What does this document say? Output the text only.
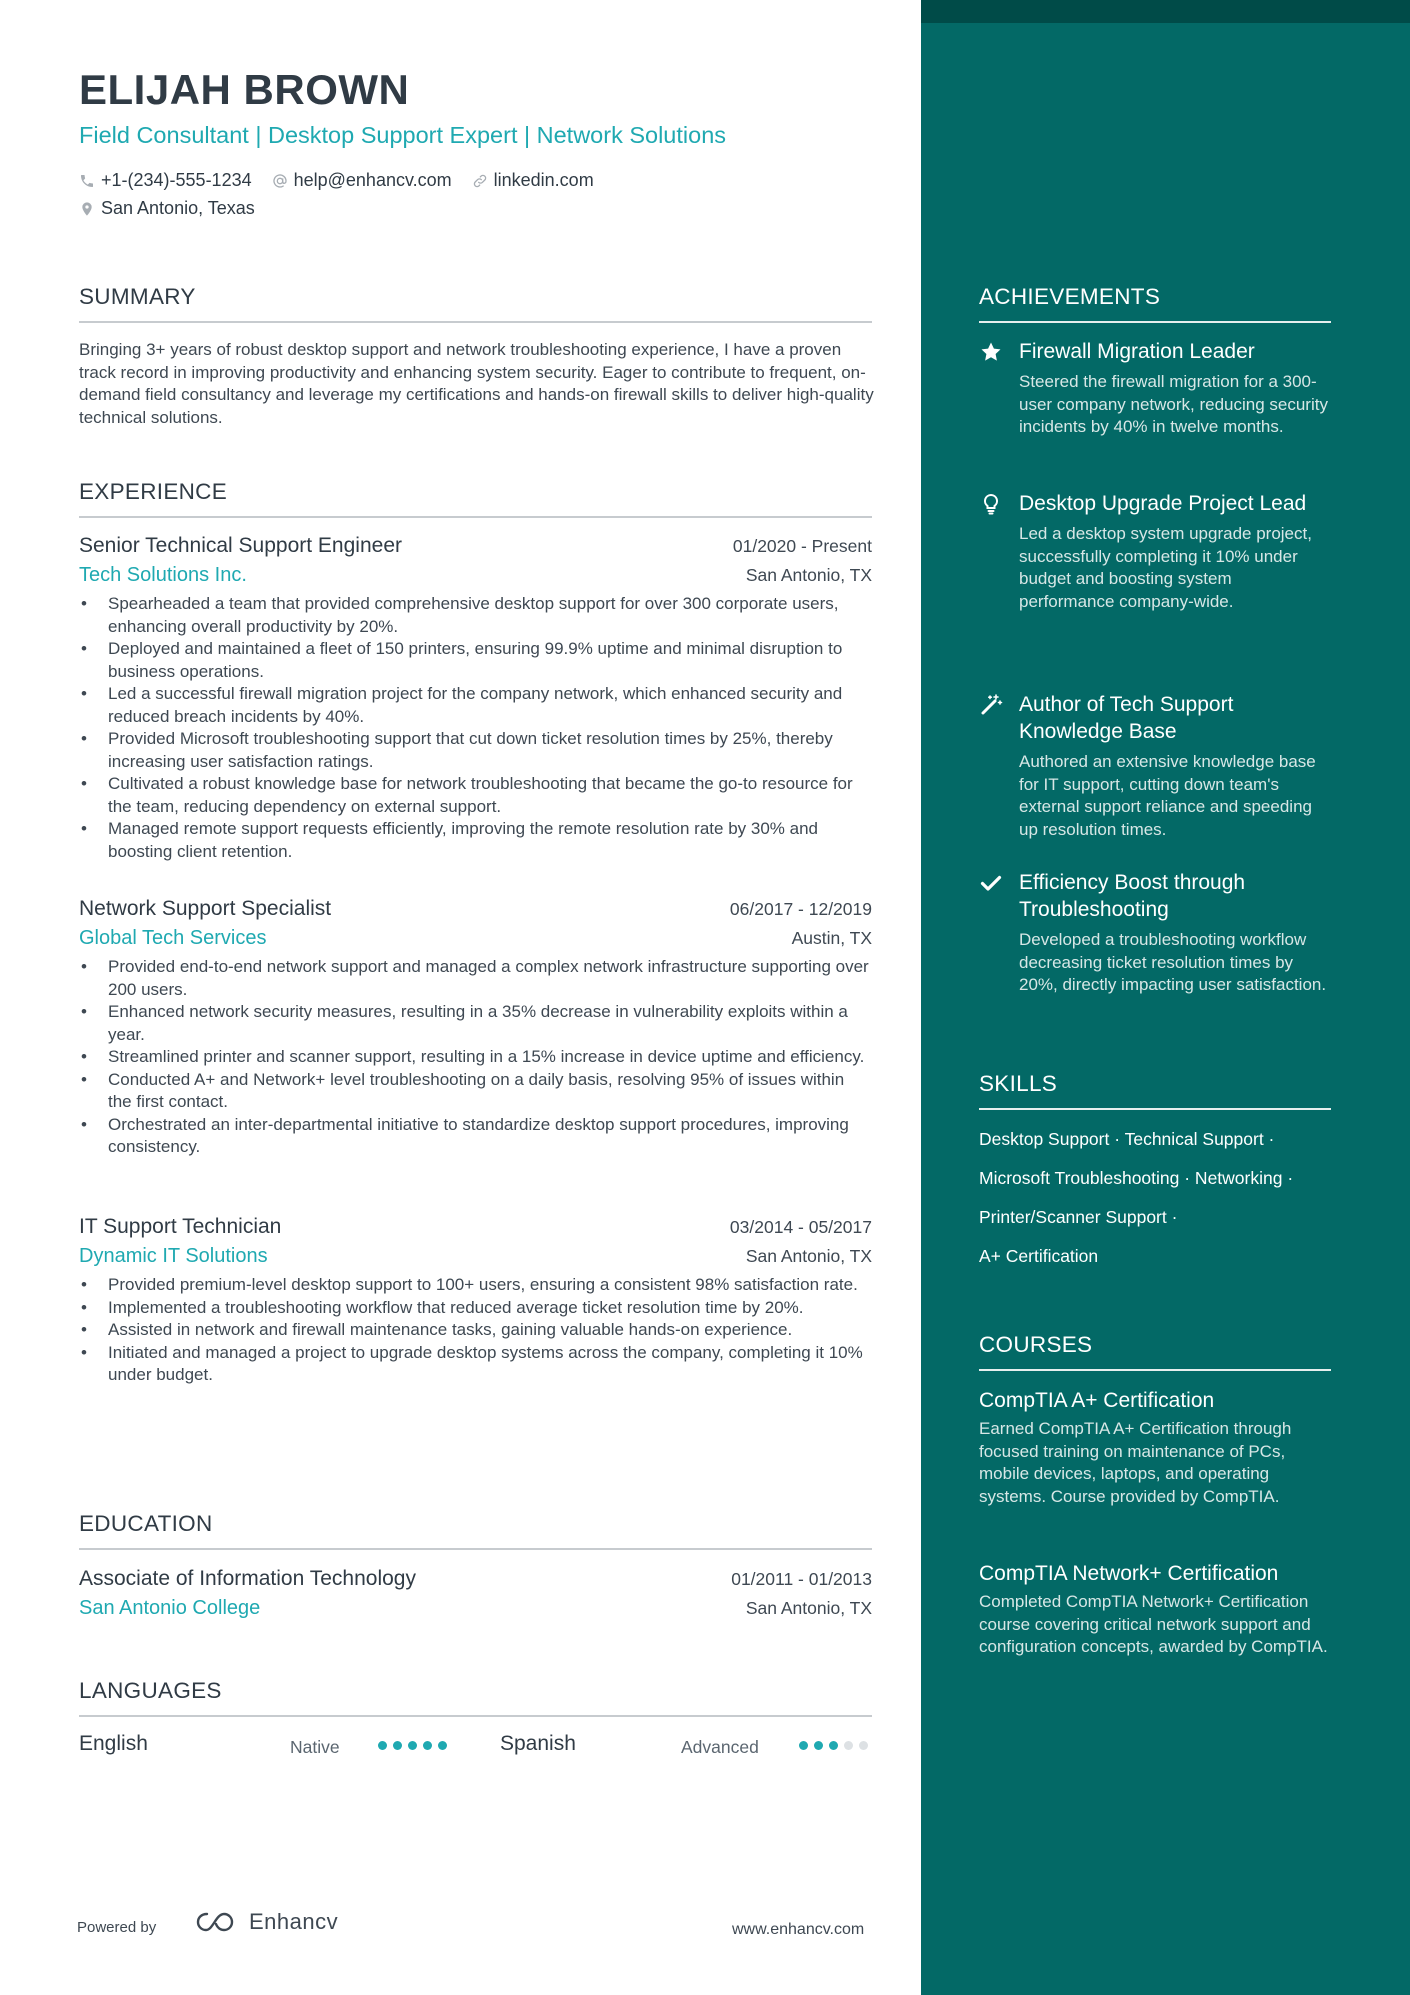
ELIJAH BROWN
Field Consultant | Desktop Support Expert | Network Solutions
+1-(234)-555-1234 help@enhancv.com linkedin.com
San Antonio, Texas
SUMMARY
Bringing 3+ years of robust desktop support and network troubleshooting experience, I have a proven track record in improving productivity and enhancing system security. Eager to contribute to frequent, on-demand field consultancy and leverage my certifications and hands-on firewall skills to deliver high-quality technical solutions.
EXPERIENCE
Senior Technical Support Engineer	01/2020 - Present
Tech Solutions Inc.	San Antonio, TX
• Spearheaded a team that provided comprehensive desktop support for over 300 corporate users, enhancing overall productivity by 20%.
• Deployed and maintained a fleet of 150 printers, ensuring 99.9% uptime and minimal disruption to business operations.
• Led a successful firewall migration project for the company network, which enhanced security and reduced breach incidents by 40%.
• Provided Microsoft troubleshooting support that cut down ticket resolution times by 25%, thereby increasing user satisfaction ratings.
• Cultivated a robust knowledge base for network troubleshooting that became the go-to resource for the team, reducing dependency on external support.
• Managed remote support requests efficiently, improving the remote resolution rate by 30% and boosting client retention.
Network Support Specialist	06/2017 - 12/2019
Global Tech Services	Austin, TX
• Provided end-to-end network support and managed a complex network infrastructure supporting over 200 users.
• Enhanced network security measures, resulting in a 35% decrease in vulnerability exploits within a year.
• Streamlined printer and scanner support, resulting in a 15% increase in device uptime and efficiency.
• Conducted A+ and Network+ level troubleshooting on a daily basis, resolving 95% of issues within the first contact.
• Orchestrated an inter-departmental initiative to standardize desktop support procedures, improving consistency.
IT Support Technician	03/2014 - 05/2017
Dynamic IT Solutions	San Antonio, TX
• Provided premium-level desktop support to 100+ users, ensuring a consistent 98% satisfaction rate.
• Implemented a troubleshooting workflow that reduced average ticket resolution time by 20%.
• Assisted in network and firewall maintenance tasks, gaining valuable hands-on experience.
• Initiated and managed a project to upgrade desktop systems across the company, completing it 10% under budget.
EDUCATION
Associate of Information Technology	01/2011 - 01/2013
San Antonio College	San Antonio, TX
LANGUAGES
English	Native	Spanish	Advanced
Powered by	Enhancv	www.enhancv.com
ACHIEVEMENTS
Firewall Migration Leader
Steered the firewall migration for a 300-user company network, reducing security incidents by 40% in twelve months.
Desktop Upgrade Project Lead
Led a desktop system upgrade project, successfully completing it 10% under budget and boosting system performance company-wide.
Author of Tech Support Knowledge Base
Authored an extensive knowledge base for IT support, cutting down team's external support reliance and speeding up resolution times.
Efficiency Boost through Troubleshooting
Developed a troubleshooting workflow decreasing ticket resolution times by 20%, directly impacting user satisfaction.
SKILLS
Desktop Support · Technical Support ·
Microsoft Troubleshooting · Networking ·
Printer/Scanner Support ·
A+ Certification
COURSES
CompTIA A+ Certification
Earned CompTIA A+ Certification through focused training on maintenance of PCs, mobile devices, laptops, and operating systems. Course provided by CompTIA.
CompTIA Network+ Certification
Completed CompTIA Network+ Certification course covering critical network support and configuration concepts, awarded by CompTIA.
